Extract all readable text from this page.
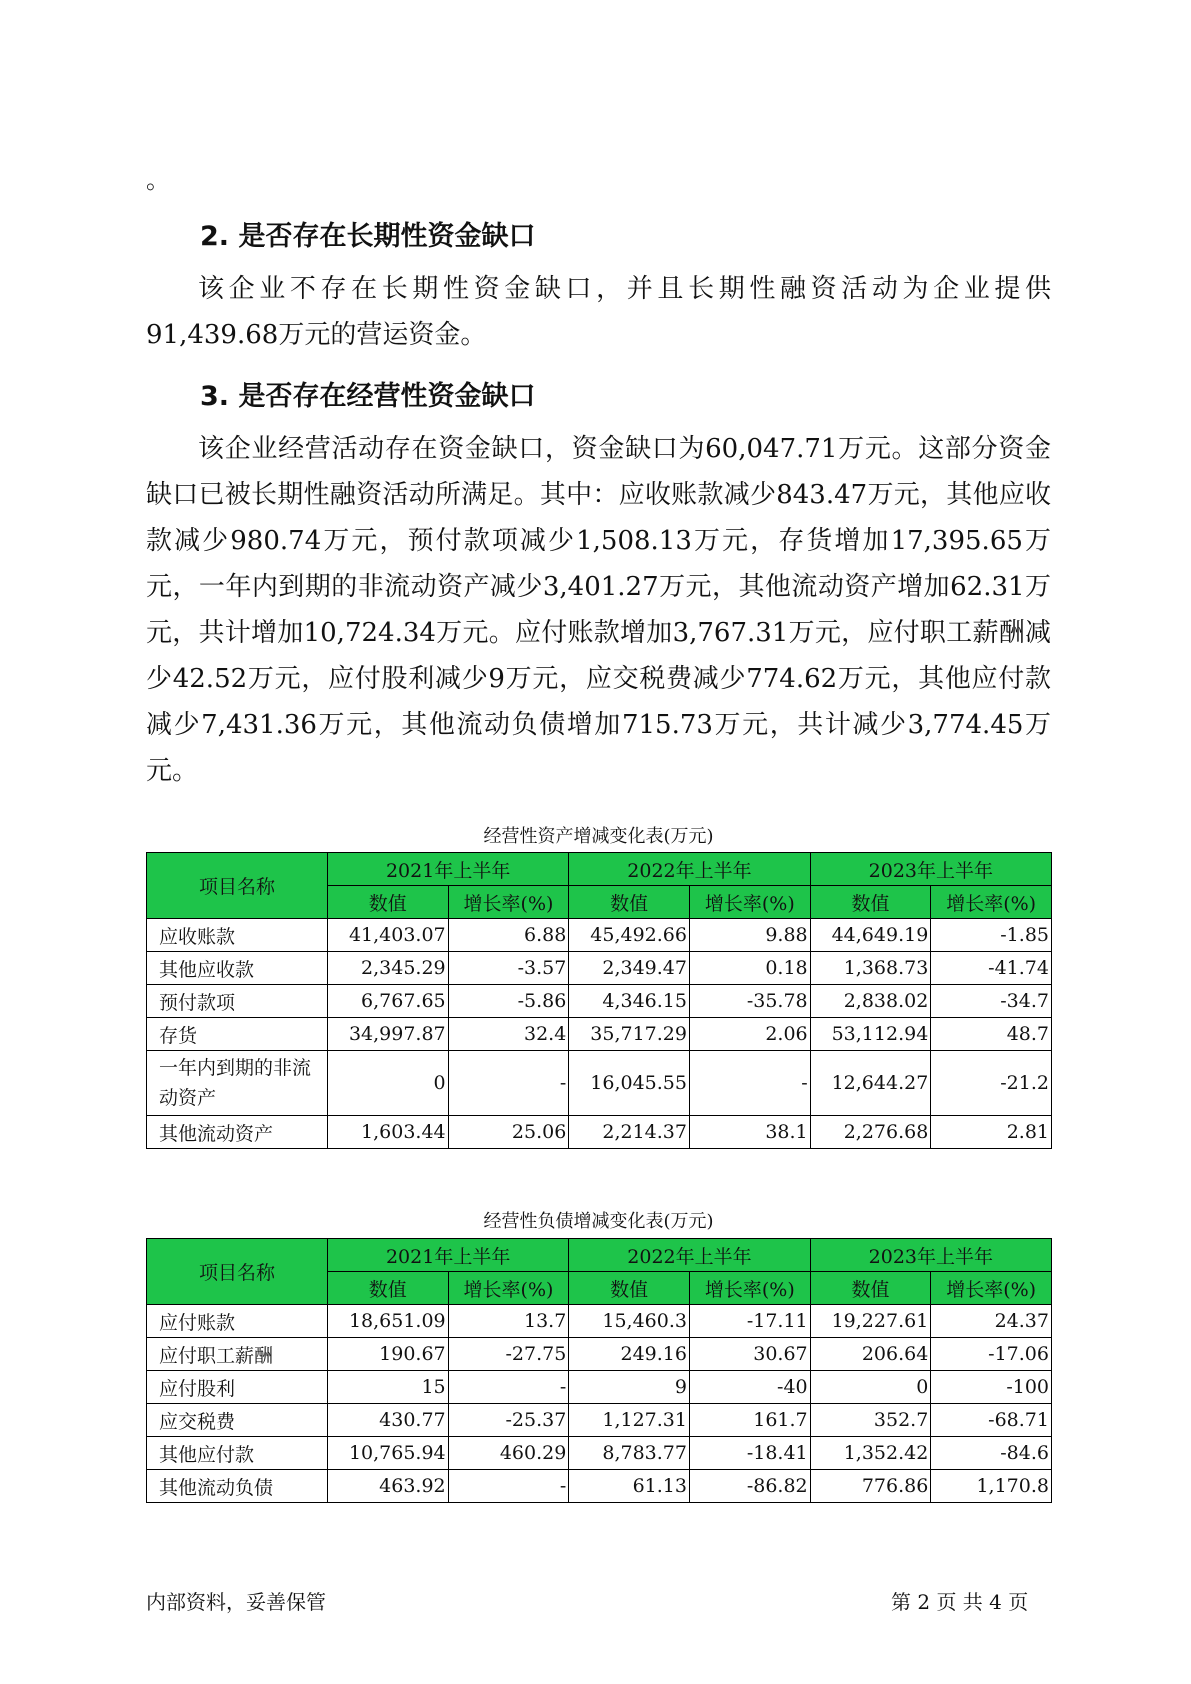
。
2. 是否存在长期性资金缺口

该企业不存在长期性资金缺口，并且长期性融资活动为企业提供91,439.68万元的营运资金。

3. 是否存在经营性资金缺口

该企业经营活动存在资金缺口，资金缺口为60,047.71万元。这部分资金缺口已被长期性融资活动所满足。其中：应收账款减少843.47万元，其他应收款减少980.74万元，预付款项减少1,508.13万元，存货增加17,395.65万元，一年内到期的非流动资产减少3,401.27万元，其他流动资产增加62.31万元，共计增加10,724.34万元。应付账款增加3,767.31万元，应付职工薪酬减少42.52万元，应付股利减少9万元，应交税费减少774.62万元，其他应付款减少7,431.36万元，其他流动负债增加715.73万元，共计减少3,774.45万元。

经营性资产增减变化表(万元)
项目名称	2021年上半年		2022年上半年		2023年上半年	
	数值	增长率(%)	数值	增长率(%)	数值	增长率(%)
应收账款	41,403.07	6.88	45,492.66	9.88	44,649.19	-1.85
其他应收款	2,345.29	-3.57	2,349.47	0.18	1,368.73	-41.74
预付款项	6,767.65	-5.86	4,346.15	-35.78	2,838.02	-34.7
存货	34,997.87	32.4	35,717.29	2.06	53,112.94	48.7
一年内到期的非流动资产	0	-	16,045.55	-	12,644.27	-21.2
其他流动资产	1,603.44	25.06	2,214.37	38.1	2,276.68	2.81
经营性负债增减变化表(万元)
项目名称	2021年上半年		2022年上半年		2023年上半年	
	数值	增长率(%)	数值	增长率(%)	数值	增长率(%)
应付账款	18,651.09	13.7	15,460.3	-17.11	19,227.61	24.37
应付职工薪酬	190.67	-27.75	249.16	30.67	206.64	-17.06
应付股利	15	-	9	-40	0	-100
应交税费	430.77	-25.37	1,127.31	161.7	352.7	-68.71
其他应付款	10,765.94	460.29	8,783.77	-18.41	1,352.42	-84.6
其他流动负债	463.92	-	61.13	-86.82	776.86	1,170.8
内部资料，妥善保管	第 2 页 共 4 页
